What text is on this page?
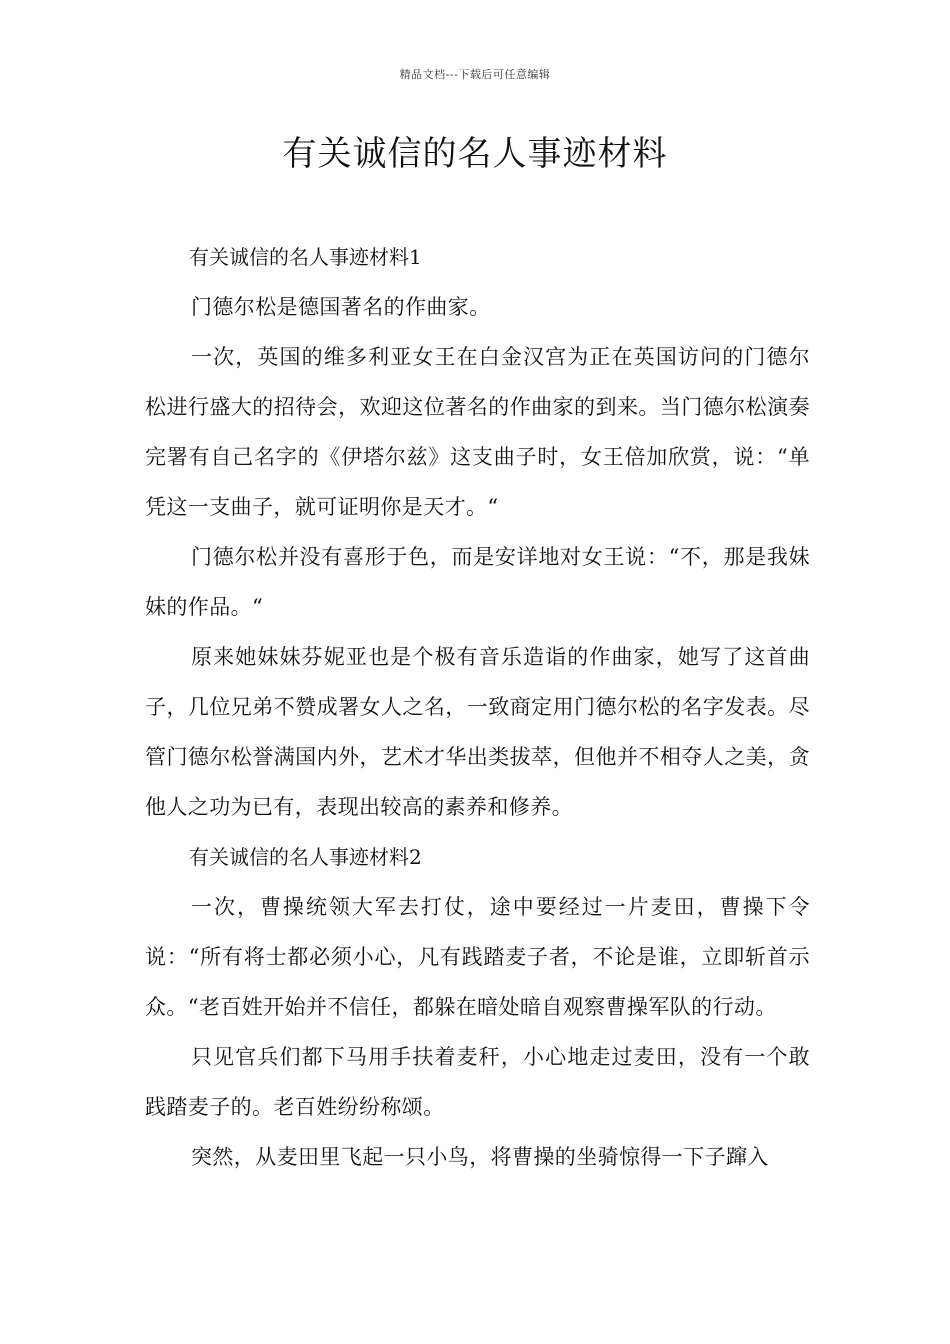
精品文档---下载后可任意编辑
有关诚信的名人事迹材料

有关诚信的名人事迹材料1

门德尔松是德国著名的作曲家。

一次，英国的维多利亚女王在白金汉宫为正在英国访问的门德尔松进行盛大的招待会，欢迎这位著名的作曲家的到来。当门德尔松演奏完署有自己名字的《伊塔尔兹》这支曲子时，女王倍加欣赏，说：“单凭这一支曲子，就可证明你是天才。“

门德尔松并没有喜形于色，而是安详地对女王说：“不，那是我妹妹的作品。“

原来她妹妹芬妮亚也是个极有音乐造诣的作曲家，她写了这首曲子，几位兄弟不赞成署女人之名，一致商定用门德尔松的名字发表。尽管门德尔松誉满国内外，艺术才华出类拔萃，但他并不相夺人之美，贪他人之功为已有，表现出较高的素养和修养。

有关诚信的名人事迹材料2

一次，曹操统领大军去打仗，途中要经过一片麦田，曹操下令说：“所有将士都必须小心，凡有践踏麦子者，不论是谁，立即斩首示众。“老百姓开始并不信任，都躲在暗处暗自观察曹操军队的行动。

只见官兵们都下马用手扶着麦秆，小心地走过麦田，没有一个敢践踏麦子的。老百姓纷纷称颂。

突然，从麦田里飞起一只小鸟，将曹操的坐骑惊得一下子蹿入
